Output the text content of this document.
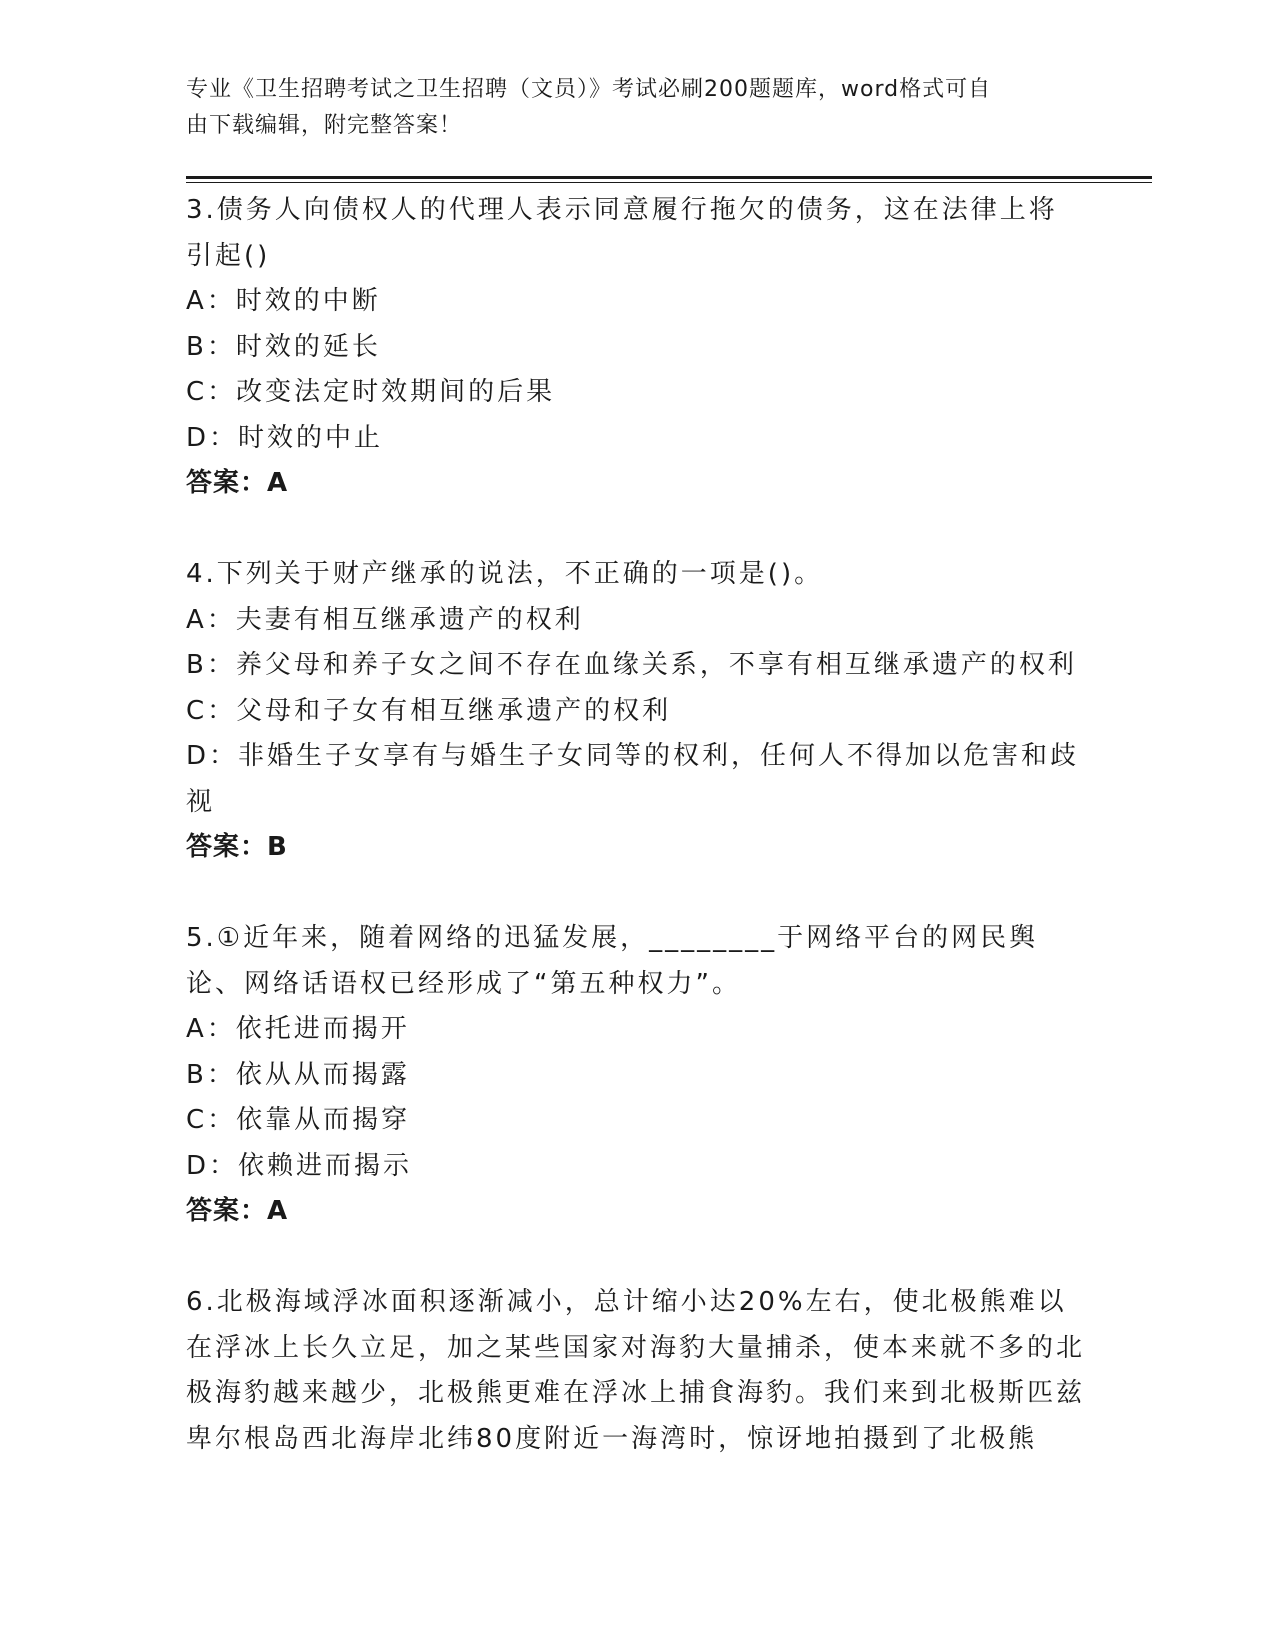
专业《卫生招聘考试之卫生招聘（文员）》考试必刷200题题库，word格式可自
由下载编辑，附完整答案！
3.债务人向债权人的代理人表示同意履行拖欠的债务，这在法律上将引起()
A：时效的中断
B：时效的延长
C：改变法定时效期间的后果
D：时效的中止
答案：A
4.下列关于财产继承的说法，不正确的一项是()。
A：夫妻有相互继承遗产的权利
B：养父母和养子女之间不存在血缘关系，不享有相互继承遗产的权利
C：父母和子女有相互继承遗产的权利
D：非婚生子女享有与婚生子女同等的权利，任何人不得加以危害和歧视
答案：B
5.①近年来，随着网络的迅猛发展，________于网络平台的网民舆论、网络话语权已经形成了“第五种权力”。
A：依托进而揭开
B：依从从而揭露
C：依靠从而揭穿
D：依赖进而揭示
答案：A
6.北极海域浮冰面积逐渐减小，总计缩小达20%左右，使北极熊难以在浮冰上长久立足，加之某些国家对海豹大量捕杀，使本来就不多的北极海豹越来越少，北极熊更难在浮冰上捕食海豹。我们来到北极斯匹兹卑尔根岛西北海岸北纬80度附近一海湾时，惊讶地拍摄到了北极熊
